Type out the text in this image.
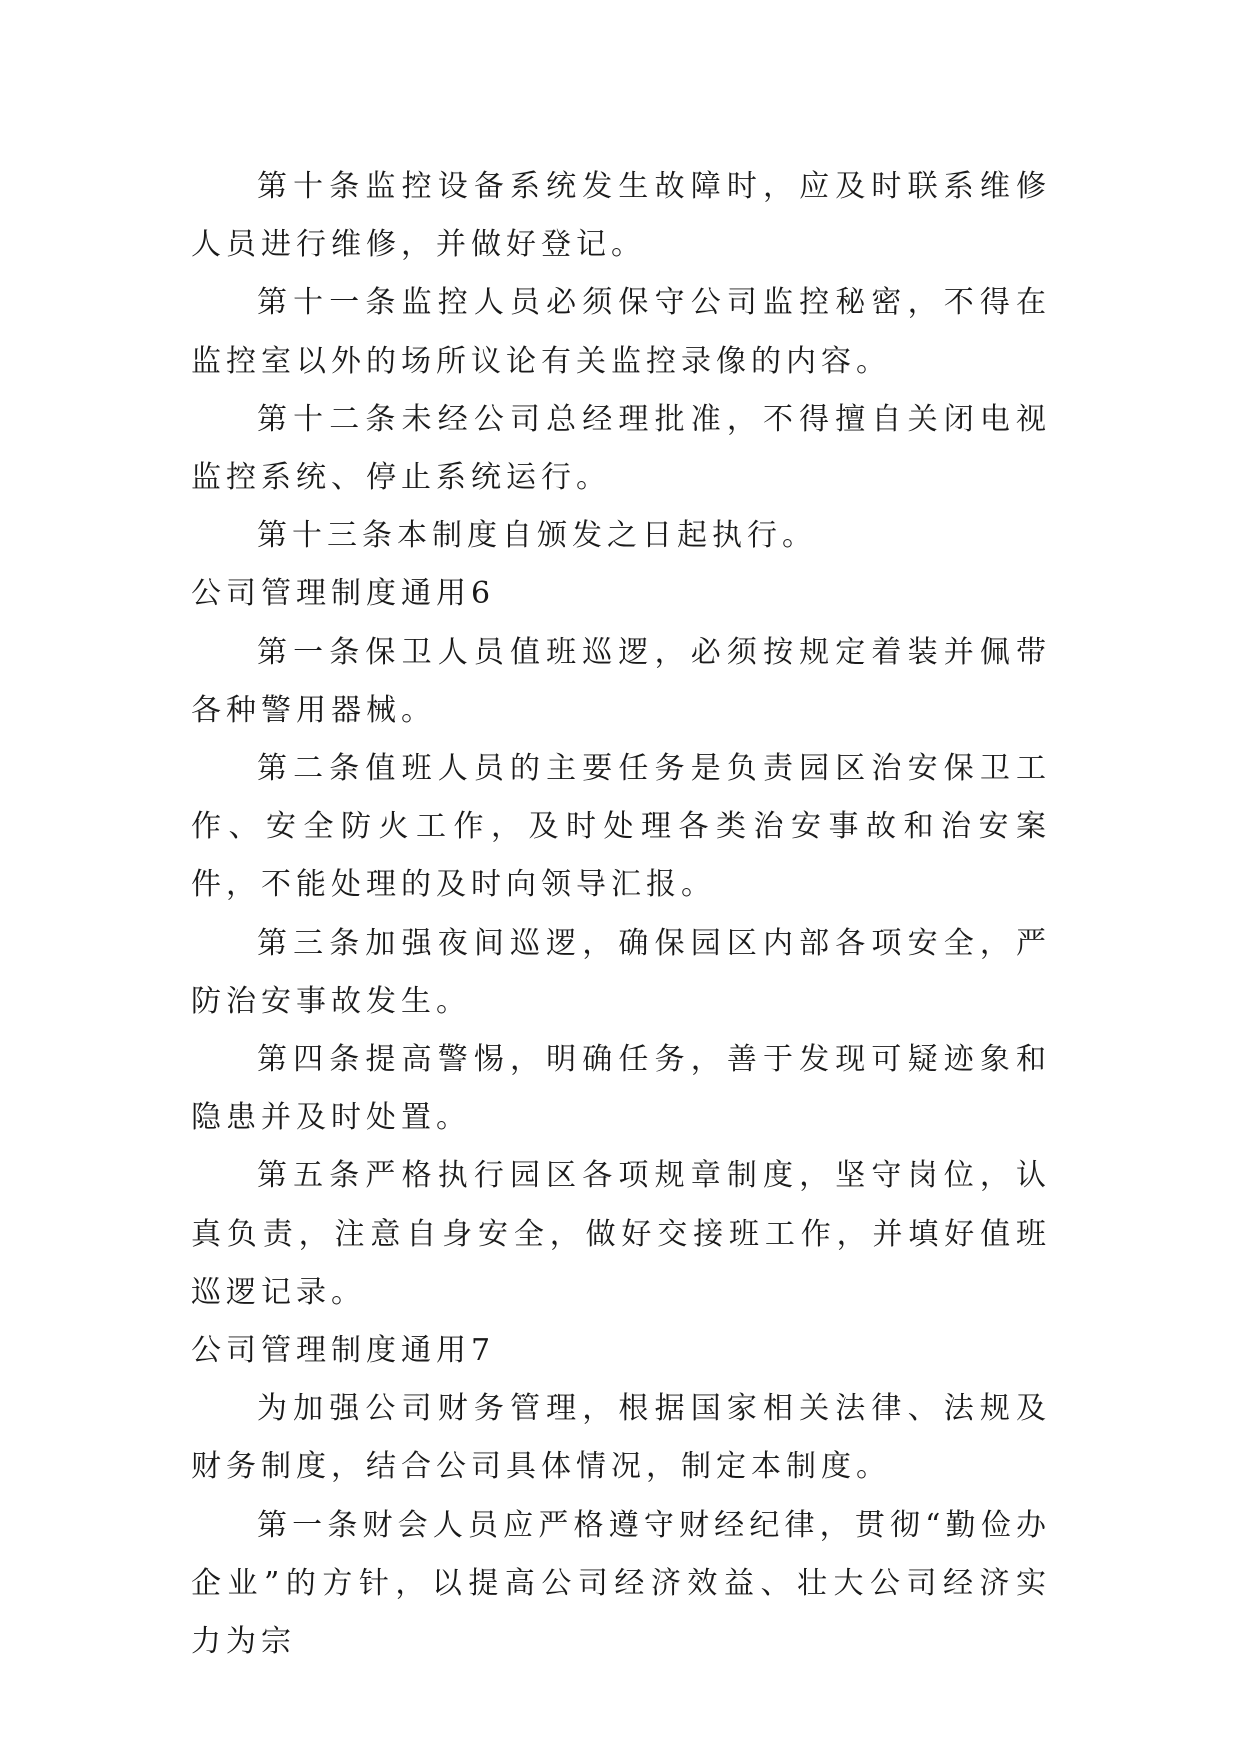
第十条监控设备系统发生故障时，应及时联系维修人员进行维修，并做好登记。

第十一条监控人员必须保守公司监控秘密，不得在监控室以外的场所议论有关监控录像的内容。

第十二条未经公司总经理批准，不得擅自关闭电视监控系统、停止系统运行。

第十三条本制度自颁发之日起执行。

公司管理制度通用6

第一条保卫人员值班巡逻，必须按规定着装并佩带各种警用器械。

第二条值班人员的主要任务是负责园区治安保卫工作、安全防火工作，及时处理各类治安事故和治安案件，不能处理的及时向领导汇报。

第三条加强夜间巡逻，确保园区内部各项安全，严防治安事故发生。

第四条提高警惕，明确任务，善于发现可疑迹象和隐患并及时处置。

第五条严格执行园区各项规章制度，坚守岗位，认真负责，注意自身安全，做好交接班工作，并填好值班巡逻记录。

公司管理制度通用7

为加强公司财务管理，根据国家相关法律、法规及财务制度，结合公司具体情况，制定本制度。

第一条财会人员应严格遵守财经纪律，贯彻“勤俭办企业”的方针，以提高公司经济效益、壮大公司经济实力为宗
